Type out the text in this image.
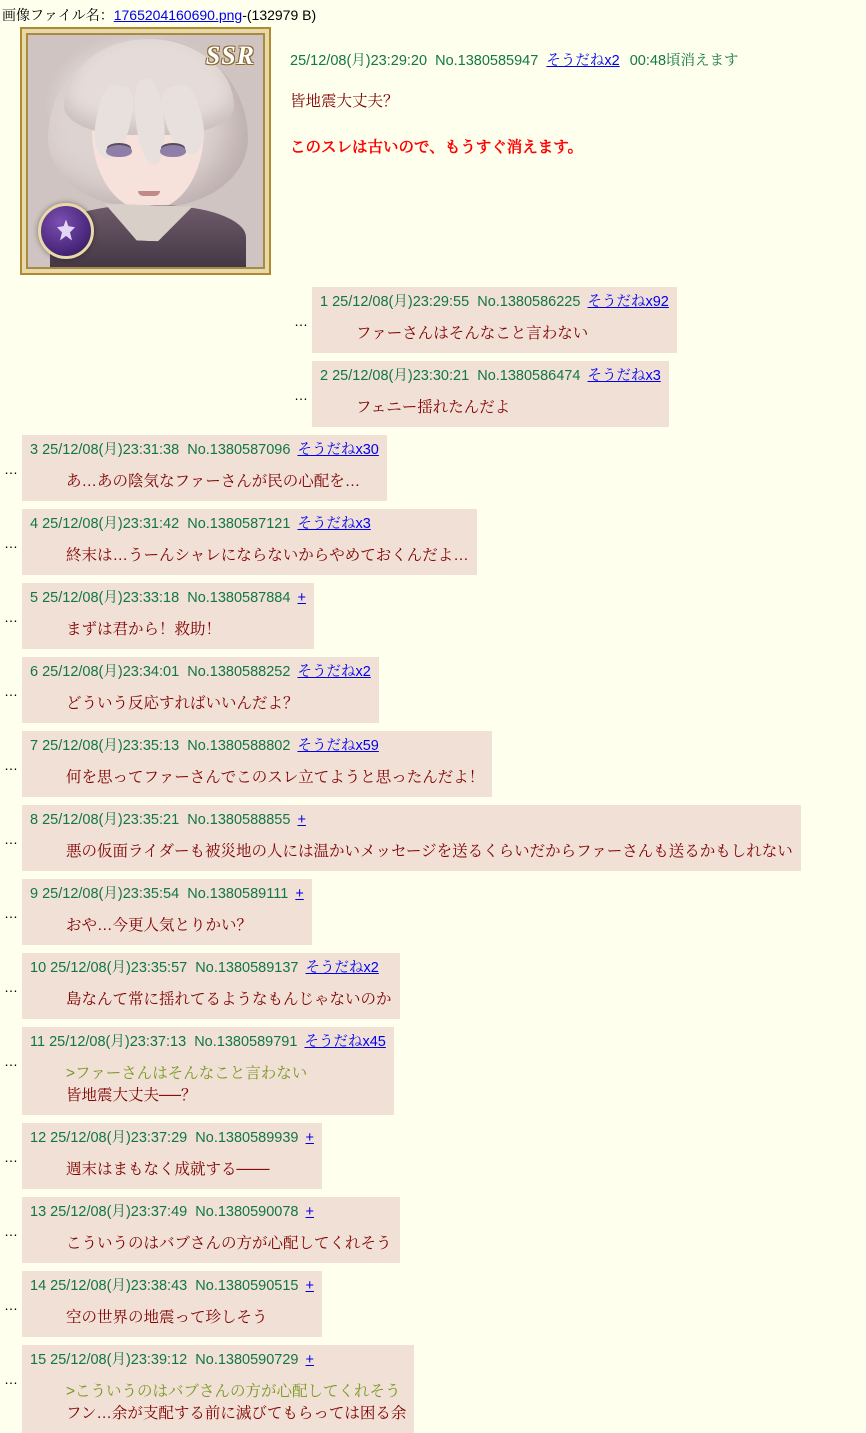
画像ファイル名：1765204160690.png-(132979 B)
SSR 25/12/08(月)23:29:20 No.1380585947 そうだねx2 00:48頃消えます
皆地震大丈夫？
このスレは古いので、もうすぐ消えます。
…
1 25/12/08(月)23:29:55 No.1380586225 そうだねx92
ファーさんはそんなこと言わない
…
2 25/12/08(月)23:30:21 No.1380586474 そうだねx3
フェニー揺れたんだよ
…
3 25/12/08(月)23:31:38 No.1380587096 そうだねx30
あ…あの陰気なファーさんが民の心配を…
…
4 25/12/08(月)23:31:42 No.1380587121 そうだねx3
終末は…うーんシャレにならないからやめておくんだよ…
…
5 25/12/08(月)23:33:18 No.1380587884 +
まずは君から！救助！
…
6 25/12/08(月)23:34:01 No.1380588252 そうだねx2
どういう反応すればいいんだよ？
…
7 25/12/08(月)23:35:13 No.1380588802 そうだねx59
何を思ってファーさんでこのスレ立てようと思ったんだよ！
…
8 25/12/08(月)23:35:21 No.1380588855 +
悪の仮面ライダーも被災地の人には温かいメッセージを送るくらいだからファーさんも送るかもしれない
…
9 25/12/08(月)23:35:54 No.1380589111 +
おや…今更人気とりかい？
…
10 25/12/08(月)23:35:57 No.1380589137 そうだねx2
島なんて常に揺れてるようなもんじゃないのか
…
11 25/12/08(月)23:37:13 No.1380589791 そうだねx45
>ファーさんはそんなこと言わない
皆地震大丈夫──？
…
12 25/12/08(月)23:37:29 No.1380589939 +
週末はまもなく成就する───
…
13 25/12/08(月)23:37:49 No.1380590078 +
こういうのはバブさんの方が心配してくれそう
…
14 25/12/08(月)23:38:43 No.1380590515 +
空の世界の地震って珍しそう
…
15 25/12/08(月)23:39:12 No.1380590729 +
>こういうのはバブさんの方が心配してくれそう
フン…余が支配する前に滅びてもらっては困る余
